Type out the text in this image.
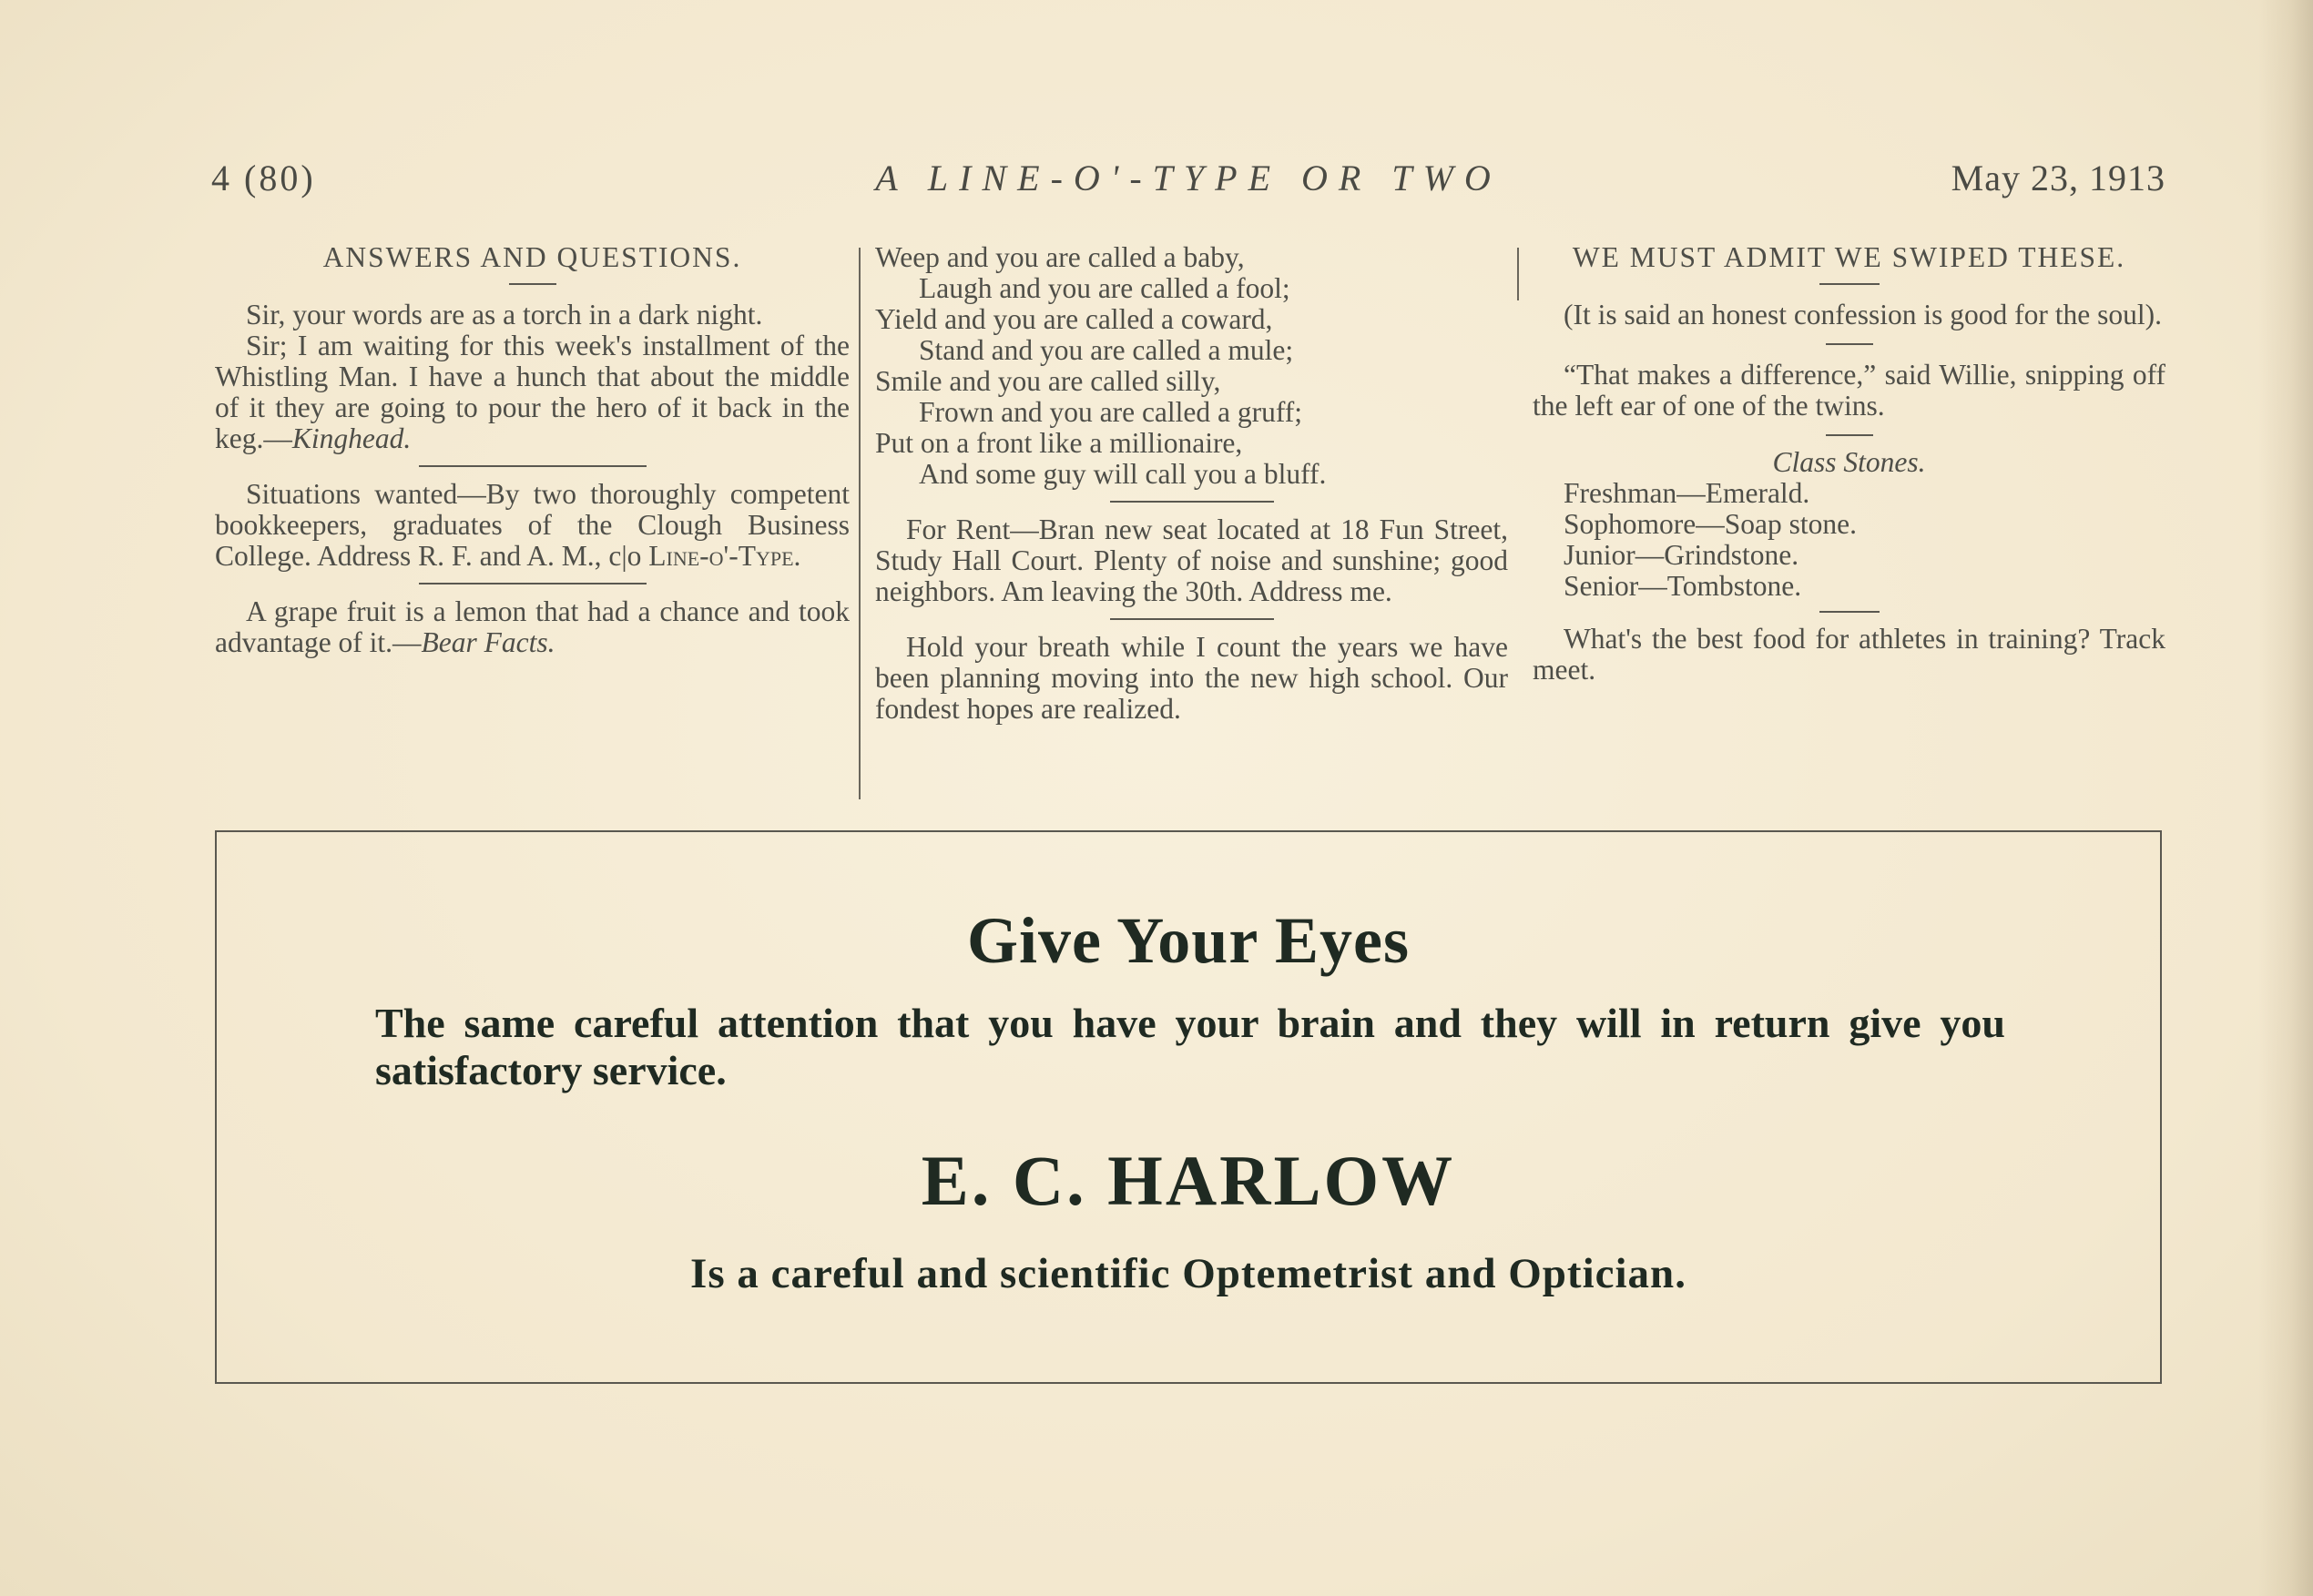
4 (80)	A LINE-O'-TYPE OR TWO	May 23, 1913
ANSWERS AND QUESTIONS.

Sir, your words are as a torch in a dark night.

Sir; I am waiting for this week's installment of the Whistling Man. I have a hunch that about the middle of it they are going to pour the hero of it back in the keg.—Kinghead.

Situations wanted—By two thoroughly competent bookkeepers, graduates of the Clough Business College. Address R. F. and A. M., c|o Line-o'-Type.

A grape fruit is a lemon that had a chance and took advantage of it.—Bear Facts.

Weep and you are called a baby,
Laugh and you are called a fool;
Yield and you are called a coward,
Stand and you are called a mule;
Smile and you are called silly,
Frown and you are called a gruff;
Put on a front like a millionaire,
And some guy will call you a bluff.

For Rent—Bran new seat located at 18 Fun Street, Study Hall Court. Plenty of noise and sunshine; good neighbors. Am leaving the 30th. Address me.

Hold your breath while I count the years we have been planning moving into the new high school. Our fondest hopes are realized.

WE MUST ADMIT WE SWIPED THESE.

(It is said an honest confession is good for the soul).

“That makes a difference,” said Willie, snipping off the left ear of one of the twins.

Class Stones.
Freshman—Emerald.
Sophomore—Soap stone.
Junior—Grindstone.
Senior—Tombstone.

What's the best food for athletes in training? Track meet.

Give Your Eyes
The same careful attention that you have your brain and they will in return give you satisfactory service.
E. C. HARLOW
Is a careful and scientific Optemetrist and Optician.
